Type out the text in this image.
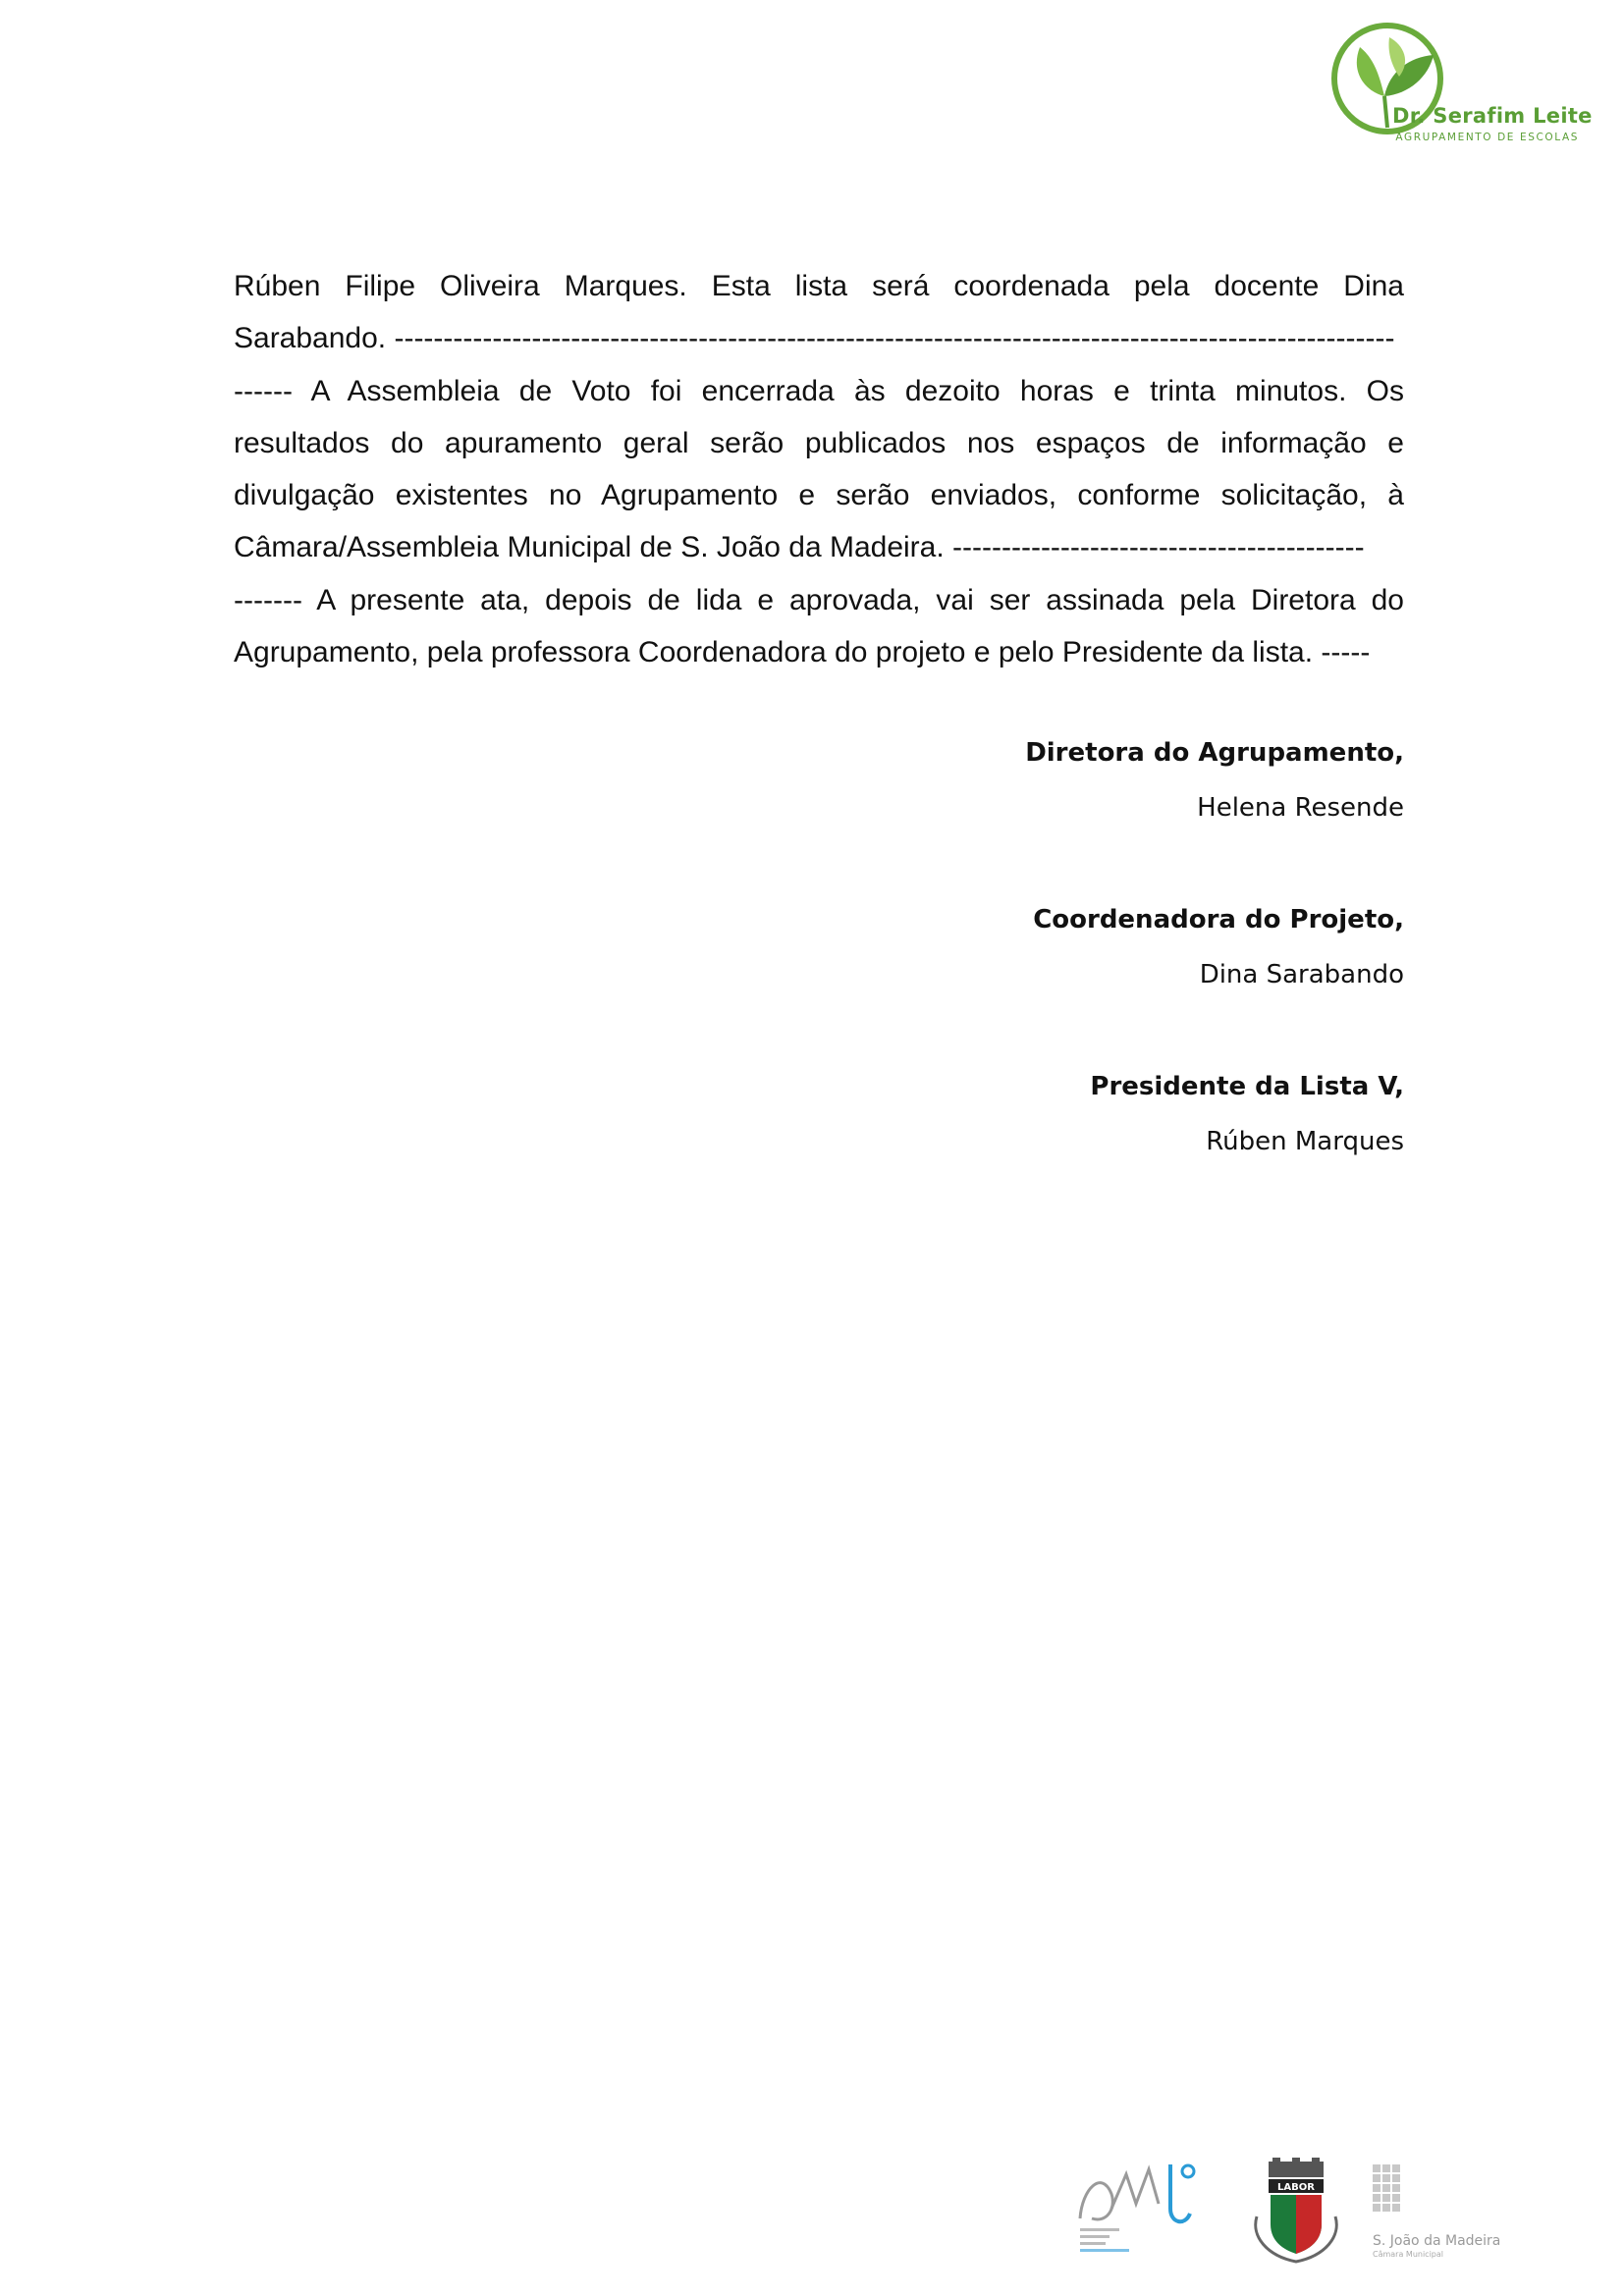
Dr. Serafim Leite
AGRUPAMENTO DE ESCOLAS
Rúben Filipe Oliveira Marques. Esta lista será coordenada pela docente Dina
Sarabando. ------------------------------------------------------------------------------------------------------
------ A Assembleia de Voto foi encerrada às dezoito horas e trinta minutos. Os
resultados do apuramento geral serão publicados nos espaços de informação e
divulgação existentes no Agrupamento e serão enviados, conforme solicitação, à
Câmara/Assembleia Municipal de S. João da Madeira. ------------------------------------------
------- A presente ata, depois de lida e aprovada, vai ser assinada pela Diretora do
Agrupamento, pela professora Coordenadora do projeto e pelo Presidente da lista. -----
Diretora do Agrupamento,
Helena Resende
Coordenadora do Projeto,
Dina Sarabando
Presidente da Lista V,
Rúben Marques
LABOR
S. João da Madeira
Câmara Municipal
